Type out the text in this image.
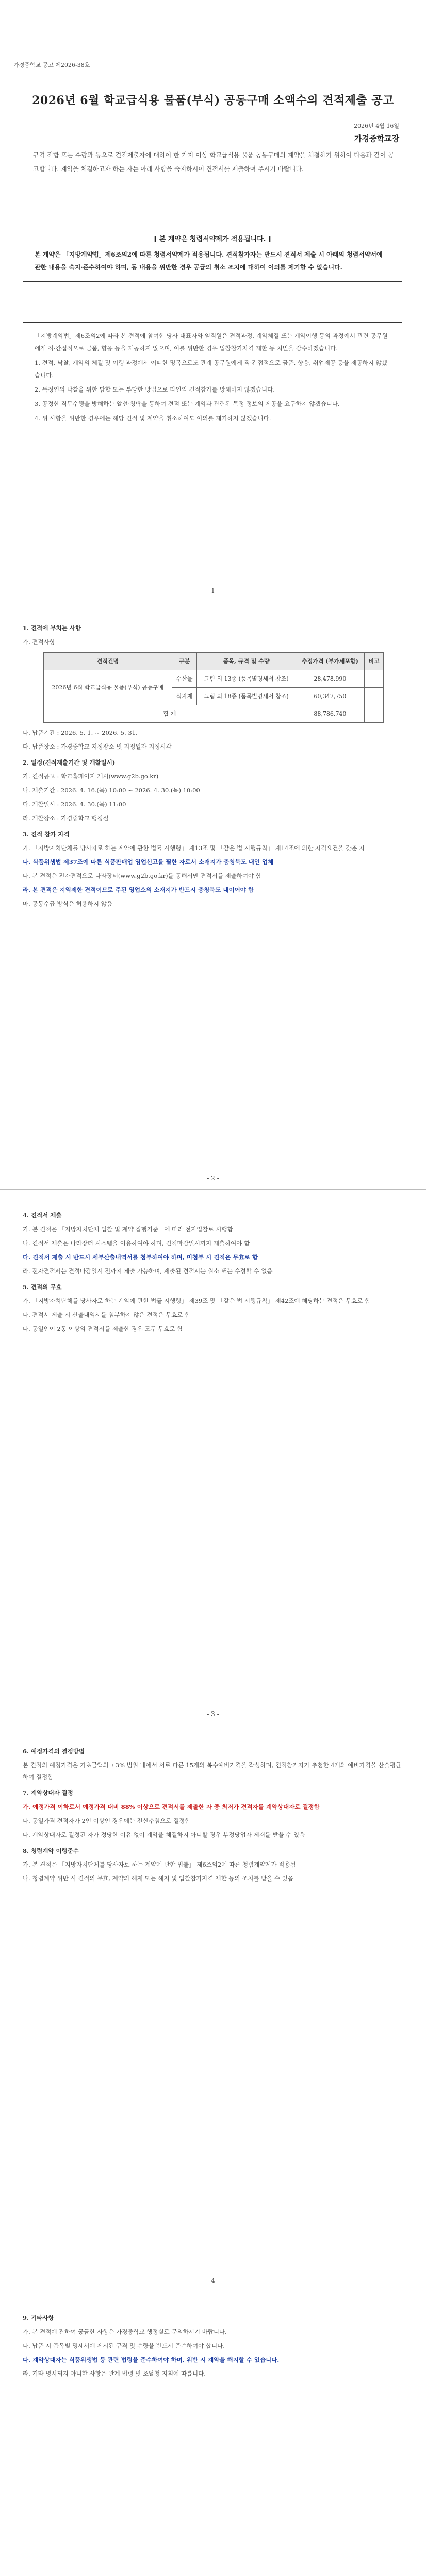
가경중학교 공고 제2026-38호
2026년 6월 학교급식용 물품(부식) 공동구매 소액수의 견적제출 공고
2026년 4월 16일
가경중학교장
규격 적합 또는 수량과 등으로 견적제출자에 대하여 한 가지 이상 학교급식용 물품 공동구매의 계약을 체결하기 위하여 다음과 같이 공고합니다. 계약을 체결하고자 하는 자는 아래 사항을 숙지하시어 견적서를 제출하여 주시기 바랍니다.
[ 본 계약은 청렴서약제가 적용됩니다. ]
본 계약은 「지방계약법」제6조의2에 따른 청렴서약제가 적용됩니다. 견적참가자는 반드시 견적서 제출 시 아래의 청렴서약서에 관한 내용을 숙지·준수하여야 하며, 동 내용을 위반한 경우 공급의 취소 조치에 대하여 이의를 제기할 수 없습니다.

「지방계약법」제6조의2에 따라 본 견적에 참여한 당사 대표자와 임직원은 견적과정, 계약체결 또는 계약이행 등의 과정에서 관련 공무원에게 직·간접적으로 금품, 향응 등을 제공하지 않으며, 이를 위반한 경우 입찰참가자격 제한 등 처벌을 감수하겠습니다.

1. 견적, 낙찰, 계약의 체결 및 이행 과정에서 어떠한 명목으로도 관계 공무원에게 직·간접적으로 금품, 향응, 취업제공 등을 제공하지 않겠습니다.

2. 특정인의 낙찰을 위한 담합 또는 부당한 방법으로 타인의 견적참가를 방해하지 않겠습니다.

3. 공정한 직무수행을 방해하는 알선·청탁을 통하여 견적 또는 계약과 관련된 특정 정보의 제공을 요구하지 않겠습니다.

4. 위 사항을 위반한 경우에는 해당 견적 및 계약을 취소하여도 이의를 제기하지 않겠습니다.

- 1 -

1. 견적에 부치는 사항

가. 견적사항

견적건명	구분	품목, 규격 및 수량	추정가격 (부가세포함)	비고
2026년 6월 학교급식용 물품(부식) 공동구매	수산물	그림 외 13종 (품목별명세서 참조)	28,478,990	
	식자재	그림 외 18종 (품목별명세서 참조)	60,347,750	
합 계			88,786,740	

나. 납품기간 : 2026. 5. 1. ~ 2026. 5. 31.

다. 납품장소 : 가경중학교 지정장소 및 지정일자 지정시각

2. 일정(견적제출기간 및 개찰일시)

가. 견적공고 : 학교홈페이지 게시(www.g2b.go.kr)

나. 제출기간 : 2026. 4. 16.(목) 10:00 ~ 2026. 4. 30.(목) 10:00

다. 개찰일시 : 2026. 4. 30.(목) 11:00

라. 개찰장소 : 가경중학교 행정실

3. 견적 참가 자격

가. 「지방자치단체를 당사자로 하는 계약에 관한 법률 시행령」 제13조 및 「같은 법 시행규칙」 제14조에 의한 자격요건을 갖춘 자

나. 식품위생법 제37조에 따른 식품판매업 영업신고를 필한 자로서 소재지가 충청북도 내인 업체

다. 본 견적은 전자견적으로 나라장터(www.g2b.go.kr)를 통해서만 견적서를 제출하여야 함

라. 본 견적은 지역제한 견적이므로 주된 영업소의 소재지가 반드시 충청북도 내이어야 함

마. 공동수급 방식은 허용하지 않음

- 2 -

4. 견적서 제출

가. 본 견적은 「지방자치단체 입찰 및 계약 집행기준」에 따라 전자입찰로 시행함

나. 견적서 제출은 나라장터 시스템을 이용하여야 하며, 견적마감일시까지 제출하여야 함

다. 견적서 제출 시 반드시 세부산출내역서를 첨부하여야 하며, 미첨부 시 견적은 무효로 함

라. 전자견적서는 견적마감일시 전까지 제출 가능하며, 제출된 견적서는 취소 또는 수정할 수 없음

5. 견적의 무효

가. 「지방자치단체를 당사자로 하는 계약에 관한 법률 시행령」 제39조 및 「같은 법 시행규칙」 제42조에 해당하는 견적은 무효로 함

나. 견적서 제출 시 산출내역서를 첨부하지 않은 견적은 무효로 함

다. 동일인이 2통 이상의 견적서를 제출한 경우 모두 무효로 함

- 3 -

6. 예정가격의 결정방법

본 견적의 예정가격은 기초금액의 ±3% 범위 내에서 서로 다른 15개의 복수예비가격을 작성하며, 견적참가자가 추첨한 4개의 예비가격을 산술평균하여 결정함

7. 계약상대자 결정

가. 예정가격 이하로서 예정가격 대비 88% 이상으로 견적서를 제출한 자 중 최저가 견적자를 계약상대자로 결정함

나. 동일가격 견적자가 2인 이상인 경우에는 전산추첨으로 결정함

다. 계약상대자로 결정된 자가 정당한 이유 없이 계약을 체결하지 아니할 경우 부정당업자 제재를 받을 수 있음

8. 청렴계약 이행준수

가. 본 견적은 「지방자치단체를 당사자로 하는 계약에 관한 법률」 제6조의2에 따른 청렴계약제가 적용됨

나. 청렴계약 위반 시 견적의 무효, 계약의 해제 또는 해지 및 입찰참가자격 제한 등의 조치를 받을 수 있음

- 4 -

9. 기타사항

가. 본 견적에 관하여 궁금한 사항은 가경중학교 행정실로 문의하시기 바랍니다.

나. 납품 시 품목별 명세서에 제시된 규격 및 수량을 반드시 준수하여야 합니다.

다. 계약상대자는 식품위생법 등 관련 법령을 준수하여야 하며, 위반 시 계약을 해지할 수 있습니다.

라. 기타 명시되지 아니한 사항은 관계 법령 및 조달청 지침에 따릅니다.
